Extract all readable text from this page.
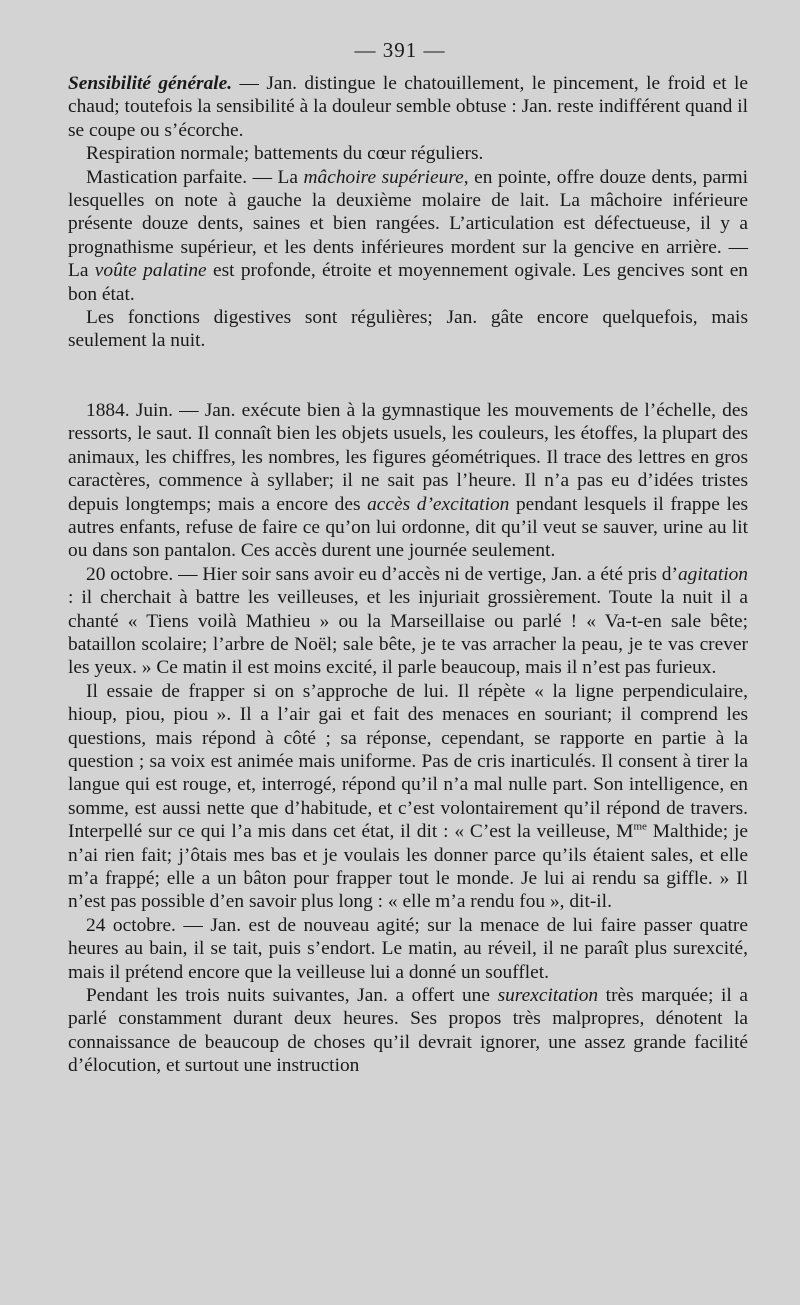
— 391 —

Sensibilité générale. — Jan. distingue le chatouillement, le pincement, le froid et le chaud; toutefois la sensibilité à la douleur semble obtuse : Jan. reste indifférent quand il se coupe ou s’écorche.

Respiration normale; battements du cœur réguliers.

Mastication parfaite. — La mâchoire supérieure, en pointe, offre douze dents, parmi lesquelles on note à gauche la deuxième molaire de lait. La mâchoire inférieure présente douze dents, saines et bien rangées. L’articulation est défectueuse, il y a prognathisme supérieur, et les dents inférieures mordent sur la gencive en arrière. — La voûte palatine est profonde, étroite et moyennement ogivale. Les gencives sont en bon état.

Les fonctions digestives sont régulières; Jan. gâte encore quelquefois, mais seulement la nuit.

1884. Juin. — Jan. exécute bien à la gymnastique les mouvements de l’échelle, des ressorts, le saut. Il connaît bien les objets usuels, les couleurs, les étoffes, la plupart des animaux, les chiffres, les nombres, les figures géométriques. Il trace des lettres en gros caractères, commence à syllaber; il ne sait pas l’heure. Il n’a pas eu d’idées tristes depuis longtemps; mais a encore des accès d’excitation pendant lesquels il frappe les autres enfants, refuse de faire ce qu’on lui ordonne, dit qu’il veut se sauver, urine au lit ou dans son pantalon. Ces accès durent une journée seulement.

20 octobre. — Hier soir sans avoir eu d’accès ni de vertige, Jan. a été pris d’agitation : il cherchait à battre les veilleuses, et les injuriait grossièrement. Toute la nuit il a chanté « Tiens voilà Mathieu » ou la Marseillaise ou parlé ! « Va-t-en sale bête; bataillon scolaire; l’arbre de Noël; sale bête, je te vas arracher la peau, je te vas crever les yeux. » Ce matin il est moins excité, il parle beaucoup, mais il n’est pas furieux.

Il essaie de frapper si on s’approche de lui. Il répète « la ligne perpendiculaire, hioup, piou, piou ». Il a l’air gai et fait des menaces en souriant; il comprend les questions, mais répond à côté ; sa réponse, cependant, se rapporte en partie à la question ; sa voix est animée mais uniforme. Pas de cris inarticulés. Il consent à tirer la langue qui est rouge, et, interrogé, répond qu’il n’a mal nulle part. Son intelligence, en somme, est aussi nette que d’habitude, et c’est volontairement qu’il répond de travers. Interpellé sur ce qui l’a mis dans cet état, il dit : « C’est la veilleuse, $M^{me}$ Malthide; je n’ai rien fait; j’ôtais mes bas et je voulais les donner parce qu’ils étaient sales, et elle m’a frappé; elle a un bâton pour frapper tout le monde. Je lui ai rendu sa giffle. » Il n’est pas possible d’en savoir plus long : « elle m’a rendu fou », dit-il.

24 octobre. — Jan. est de nouveau agité; sur la menace de lui faire passer quatre heures au bain, il se tait, puis s’endort. Le matin, au réveil, il ne paraît plus surexcité, mais il prétend encore que la veilleuse lui a donné un soufflet.

Pendant les trois nuits suivantes, Jan. a offert une surexcitation très marquée; il a parlé constamment durant deux heures. Ses propos très malpropres, dénotent la connaissance de beaucoup de choses qu’il devrait ignorer, une assez grande facilité d’élocution, et surtout une instruction
